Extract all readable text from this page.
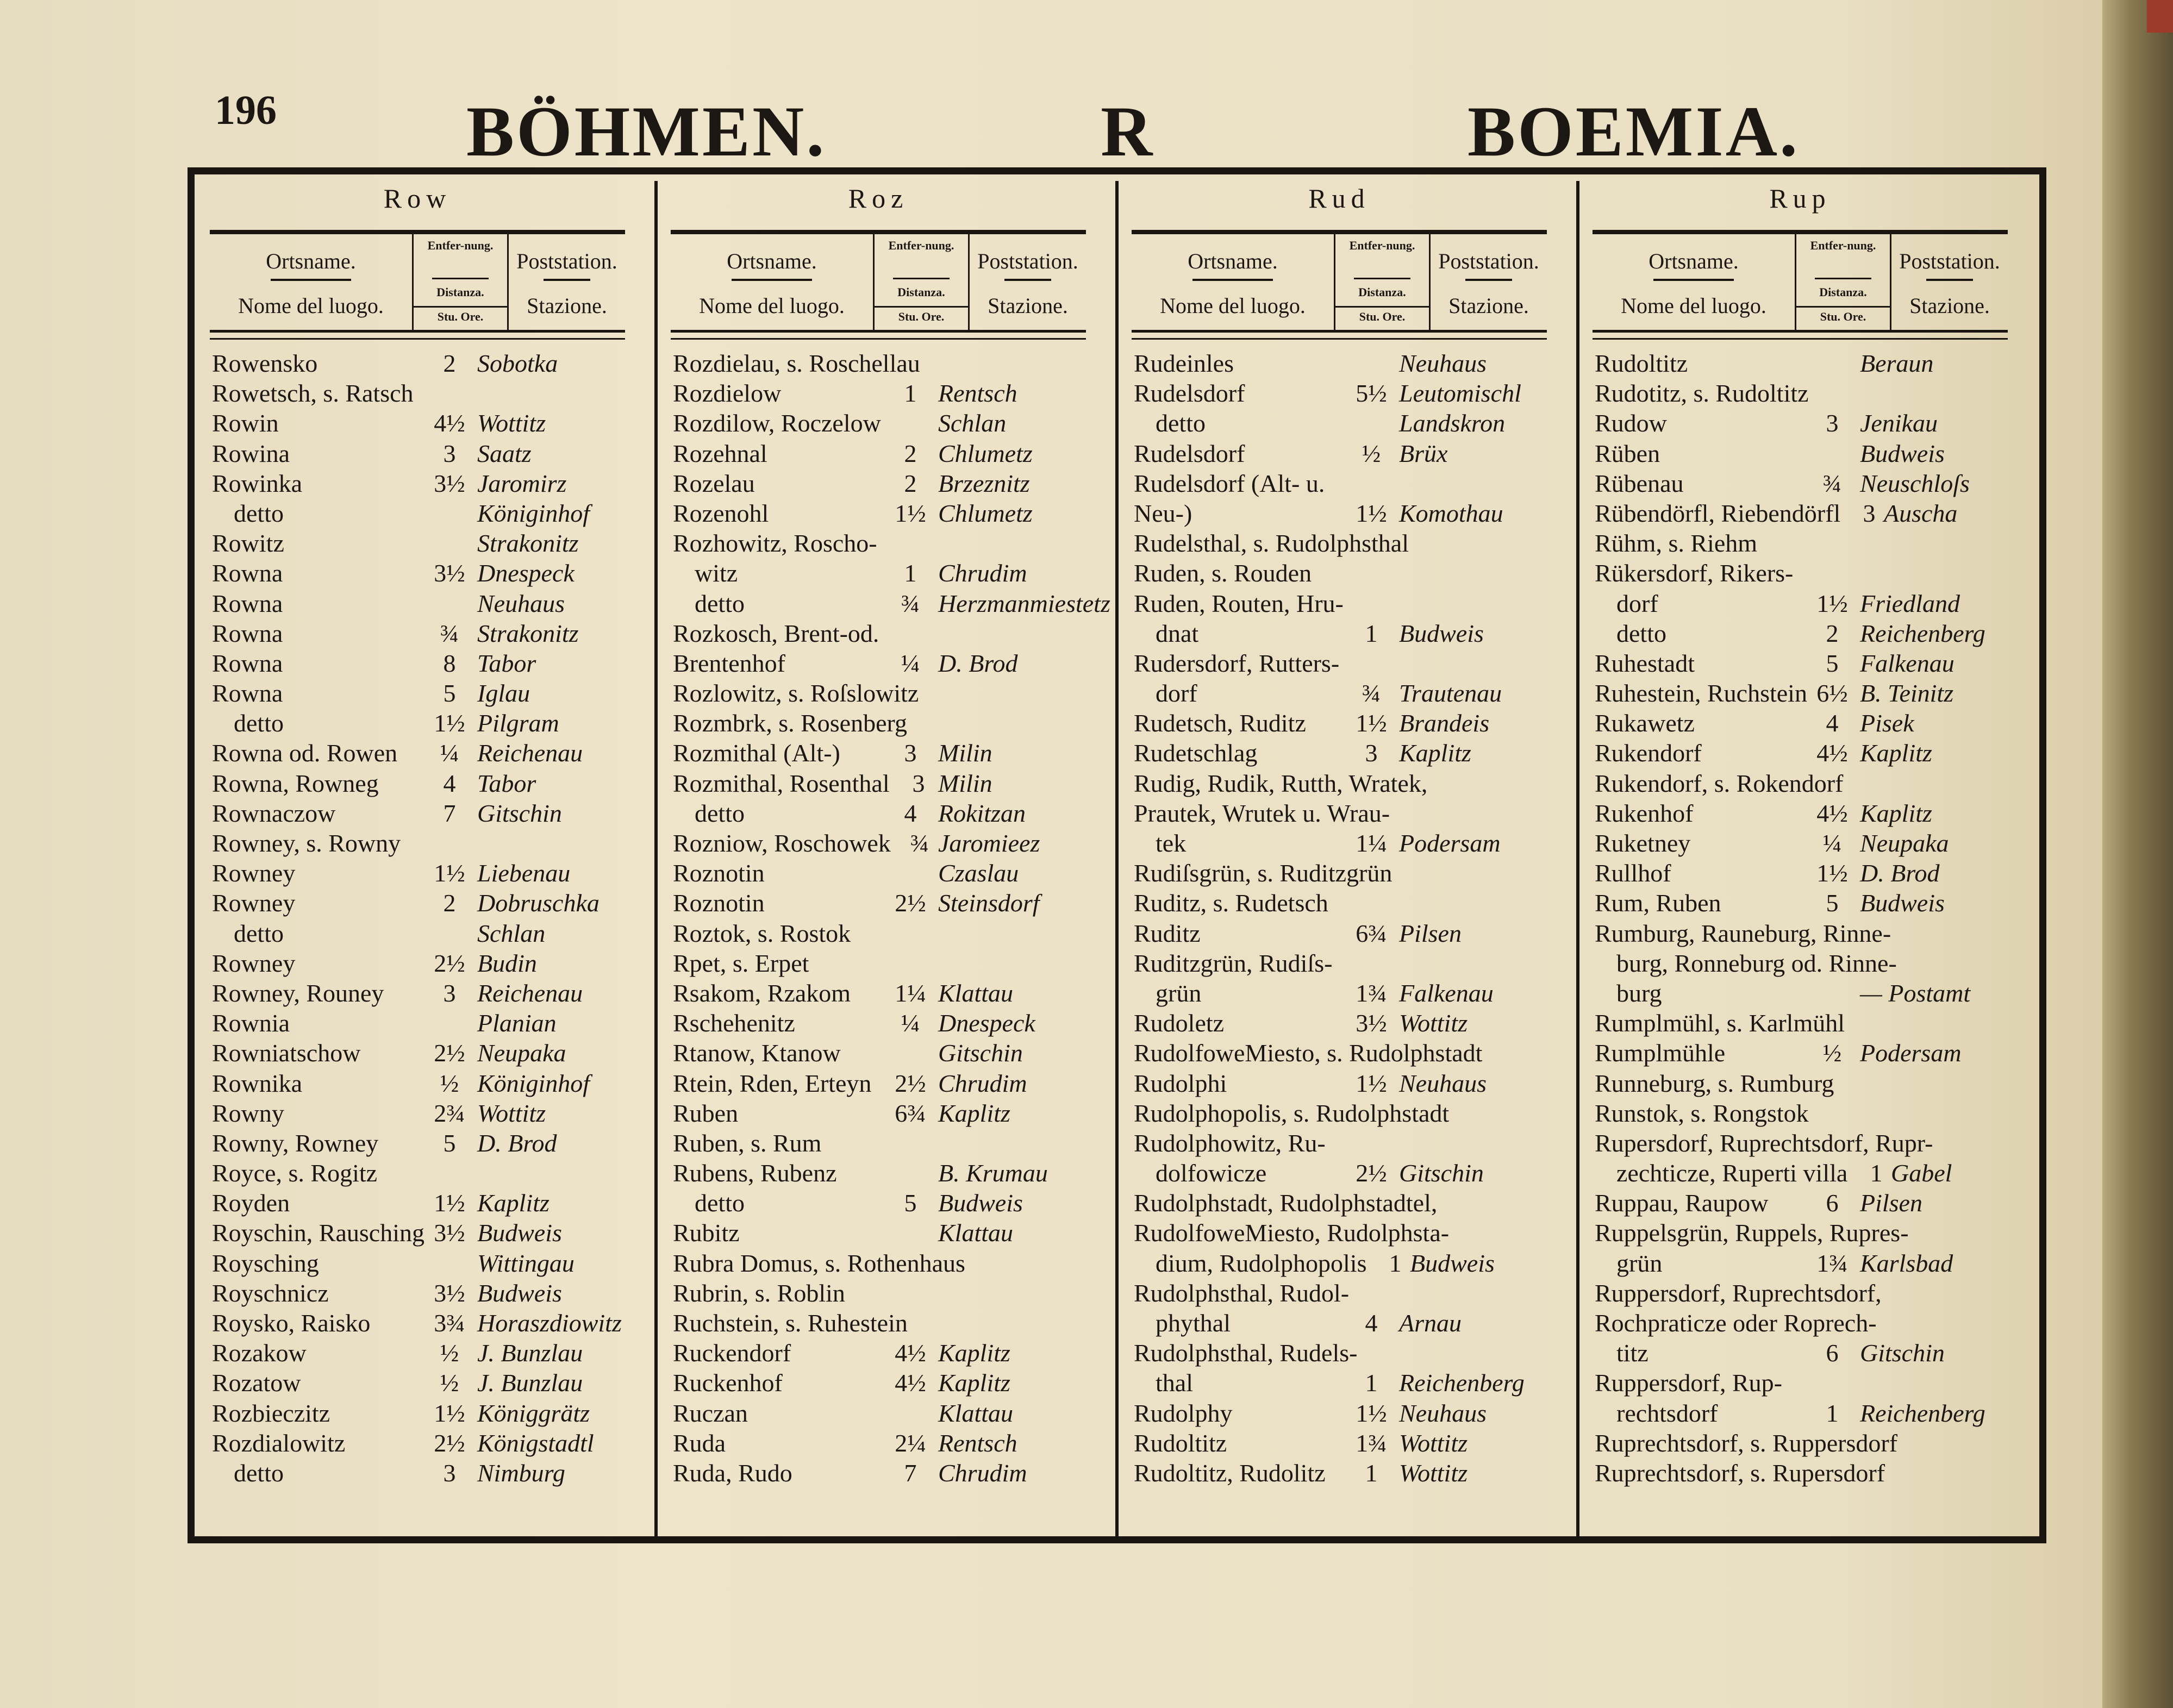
196	BÖHMEN.	R	BOEMIA.
Row
Ortsname.
Nome del luogo.
Entfer-nung.
Distanza.
Stu. Ore.
Poststation.
Stazione.
Rowensko	2 Sobotka
Rowetsch, s. Ratsch
Rowin	4½ Wottitz
Rowina	3 Saatz
Rowinka	3½ Jaromirz
detto	Königinhof
Rowitz	Strakonitz
Rowna	3½ Dnespeck
Rowna	Neuhaus
Rowna	¾ Strakonitz
Rowna	8 Tabor
Rowna	5 Iglau
detto	1½ Pilgram
Rowna od. Rowen	¼ Reichenau
Rowna, Rowneg	4 Tabor
Rownaczow	7 Gitschin
Rowney, s. Rowny
Rowney	1½ Liebenau
Rowney	2 Dobruschka
detto	Schlan
Rowney	2½ Budin
Rowney, Rouney	3 Reichenau
Rownia	Planian
Rowniatschow	2½ Neupaka
Rownika	½ Königinhof
Rowny	2¾ Wottitz
Rowny, Rowney	5 D. Brod
Royce, s. Rogitz
Royden	1½ Kaplitz
Royschin, Rausching 3½ Budweis
Roysching	Wittingau
Royschnicz	3½ Budweis
Roysko, Raisko	3¾ Horaszdiowitz
Rozakow	½ J. Bunzlau
Rozatow	½ J. Bunzlau
Rozbieczitz	1½ Königgrätz
Rozdialowitz	2½ Königstadtl
detto	3 Nimburg
Roz
Ortsname.
Nome del luogo.
Entfer-nung.
Distanza.
Stu. Ore.
Poststation.
Stazione.
Rozdielau, s. Roschellau
Rozdielow	1 Rentsch
Rozdilow, Roczelow Schlan
Rozehnal	2 Chlumetz
Rozelau	2 Brzeznitz
Rozenohl	1½ Chlumetz
Rozhowitz, Roscho-
witz	1 Chrudim
detto	¾ Herzmanmiestetz
Rozkosch, Brent-od.
Brentenhof	¼ D. Brod
Rozlowitz, s. Roſslowitz
Rozmbrk, s. Rosenberg
Rozmithal (Alt-)	3 Milin
Rozmithal, Rosenthal 3 Milin
detto	4 Rokitzan
Rozniow, Roschowek ¾ Jaromieez
Roznotin	Czaslau
Roznotin	2½ Steinsdorf
Roztok, s. Rostok
Rpet, s. Erpet
Rsakom, Rzakom	1¼ Klattau
Rschehenitz	¼ Dnespeck
Rtanow, Ktanow	Gitschin
Rtein, Rden, Erteyn 2½ Chrudim
Ruben	6¾ Kaplitz
Ruben, s. Rum
Rubens, Rubenz	B. Krumau
detto	5 Budweis
Rubitz	Klattau
Rubra Domus, s. Rothenhaus
Rubrin, s. Roblin
Ruchstein, s. Ruhestein
Ruckendorf	4½ Kaplitz
Ruckenhof	4½ Kaplitz
Ruczan	Klattau
Ruda	2¼ Rentsch
Ruda, Rudo	7 Chrudim
Rud
Ortsname.
Nome del luogo.
Entfer-nung.
Distanza.
Stu. Ore.
Poststation.
Stazione.
Rudeinles	Neuhaus
Rudelsdorf	5½ Leutomischl
detto	Landskron
Rudelsdorf	½ Brüx
Rudelsdorf (Alt- u.
Neu-)	1½ Komothau
Rudelsthal, s. Rudolphsthal
Ruden, s. Rouden
Ruden, Routen, Hru-
dnat	1 Budweis
Rudersdorf, Rutters-
dorf	¾ Trautenau
Rudetsch, Ruditz	1½ Brandeis
Rudetschlag	3 Kaplitz
Rudig, Rudik, Rutth, Wratek,
Prautek, Wrutek u. Wrau-
tek	1¼ Podersam
Rudiſsgrün, s. Ruditzgrün
Ruditz, s. Rudetsch
Ruditz	6¾ Pilsen
Ruditzgrün, Rudiſs-
grün	1¾ Falkenau
Rudoletz	3½ Wottitz
RudolfoweMiesto, s. Rudolphstadt
Rudolphi	1½ Neuhaus
Rudolphopolis, s. Rudolphstadt
Rudolphowitz, Ru-
dolfowicze	2½ Gitschin
Rudolphstadt, Rudolphstadtel,
RudolfoweMiesto, Rudolphsta-
dium, Rudolphopolis 1 Budweis
Rudolphsthal, Rudol-
phythal	4 Arnau
Rudolphsthal, Rudels-
thal	1 Reichenberg
Rudolphy	1½ Neuhaus
Rudoltitz	1¾ Wottitz
Rudoltitz, Rudolitz	1 Wottitz
Rup
Ortsname.
Nome del luogo.
Entfer-nung.
Distanza.
Stu. Ore.
Poststation.
Stazione.
Rudoltitz	Beraun
Rudotitz, s. Rudoltitz
Rudow	3 Jenikau
Rüben	Budweis
Rübenau	¾ Neuschloſs
Rübendörfl, Riebendörfl 3 Auscha
Rühm, s. Riehm
Rükersdorf, Rikers-
dorf	1½ Friedland
detto	2 Reichenberg
Ruhestadt	5 Falkenau
Ruhestein, Ruchstein 6½ B. Teinitz
Rukawetz	4 Pisek
Rukendorf	4½ Kaplitz
Rukendorf, s. Rokendorf
Rukenhof	4½ Kaplitz
Ruketney	¼ Neupaka
Rullhof	1½ D. Brod
Rum, Ruben	5 Budweis
Rumburg, Rauneburg, Rinne-
burg, Ronneburg od. Rinne-
burg	— Postamt
Rumplmühl, s. Karlmühl
Rumplmühle	½ Podersam
Runneburg, s. Rumburg
Runstok, s. Rongstok
Rupersdorf, Ruprechtsdorf, Rupr-
zechticze, Ruperti villa 1 Gabel
Ruppau, Raupow	6 Pilsen
Ruppelsgrün, Ruppels, Rupres-
grün	1¾ Karlsbad
Ruppersdorf, Ruprechtsdorf,
Rochpraticze oder Roprech-
titz	6 Gitschin
Ruppersdorf, Rup-
rechtsdorf	1 Reichenberg
Ruprechtsdorf, s. Ruppersdorf
Ruprechtsdorf, s. Rupersdorf
